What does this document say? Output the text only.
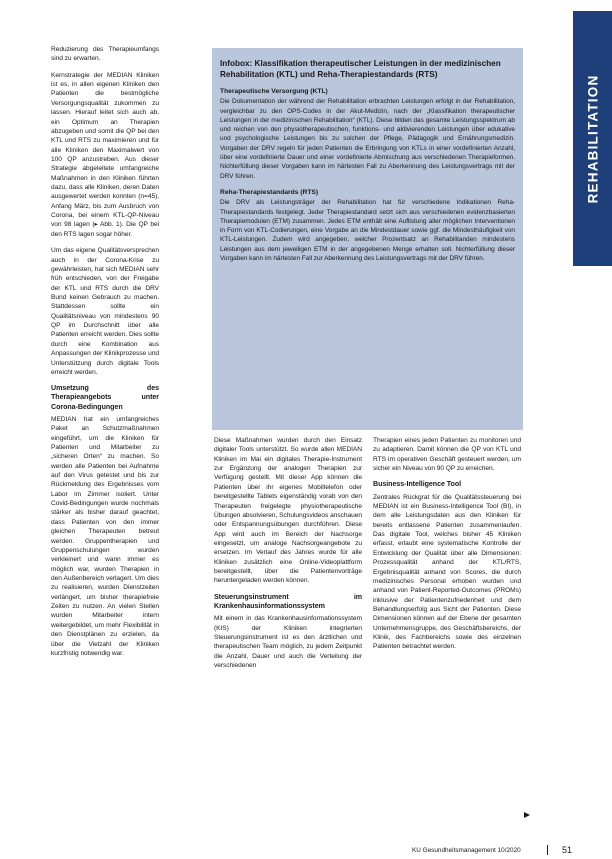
REHABILITATION

Reduzierung des Therapieumfangs sind zu erwarten.

Kernstrategie der MEDIAN Kliniken ist es, in allen eigenen Kliniken den Patienten die bestmögliche Versorgungsqualität zukommen zu lassen. Hierauf leitet sich auch ab, ein Optimum an Therapien abzugeben und somit die QP bei den KTL und RTS zu maximieren und für alle Kliniken den Maximalwert von 100 QP anzustreben. Aus dieser Strategie abgeleitete umfangreiche Maßnahmen in den Kliniken führten dazu, dass alle Kliniken, deren Daten ausgewertet werden konnten (n=45), Anfang März, bis zum Ausbruch von Corona, bei einem KTL-QP-Niveau von 98 lagen (▸ Abb. 1). Die QP bei den RTS lagen sogar höher.

Um das eigene Qualitätsversprechen auch in der Corona-Krise zu gewährleisten, hat sich MEDIAN sehr früh entschieden, von der Freigabe der KTL und RTS durch die DRV Bund keinen Gebrauch zu machen. Stattdessen sollte ein Qualitätsniveau von mindestens 90 QP im Durchschnitt über alle Patienten erreicht werden. Dies sollte durch eine Kombination aus Anpassungen der Klinikprozesse und Unterstützung durch digitale Tools erreicht werden.

Umsetzung des Therapieangebots unter Corona-Bedingungen

MEDIAN hat ein umfangreiches Paket an Schutzmaßnahmen eingeführt, um die Kliniken für Patienten und Mitarbeiter zu „sicheren Orten“ zu machen. So werden alle Patienten bei Aufnahme auf den Virus getestet und bis zur Rückmeldung des Ergebnisses vom Labor im Zimmer isoliert. Unter Covid-Bedingungen wurde nochmals stärker als bisher darauf geachtet, dass Patienten von den immer gleichen Therapeuten betreut werden. Gruppentherapien und Gruppenschulungen wurden verkleinert und wann immer es möglich war, wurden Therapien in den Außenbereich verlagert. Um dies zu realisieren, wurden Dienstzeiten verlängert, um bisher therapiefreie Zeiten zu nutzen. An vielen Stellen wurden Mitarbeiter intern weitergebildet, um mehr Flexibilität in den Dienstplänen zu erzielen, da über die Vielzahl der Kliniken kurzfristig notwendig war.

Infobox: Klassifikation therapeutischer Leistungen in der medizinischen Rehabilitation (KTL) und Reha-Therapiestandards (RTS)
Therapeutische Versorgung (KTL)

Die Dokumentation der während der Rehabilitation erbrachten Leistungen erfolgt in der Rehabilitation, vergleichbar zu den OPS-Codes in der Akut-Medizin, nach der „Klassifikation therapeutischer Leistungen in der medizinischen Rehabilitation“ (KTL). Diese bilden das gesamte Leistungsspektrum ab und reichen von den physiotherapeutischen, funktions- und aktivierenden Leistungen über edukative und psychologische Leistungen bis zu solchen der Pflege, Pädagogik und Ernährungsmedizin. Vorgaben der DRV regeln für jeden Patienten die Erbringung von KTLs in einer vordefinierten Anzahl, über eine vordefinierte Dauer und einer vordefinierte Abmischung aus verschiedenen Therapieformen. Nichterfüllung dieser Vorgaben kann im härtesten Fall zu Aberkennung des Leistungsvertrags mit der DRV führen.

Reha-Therapiestandards (RTS)

Die DRV als Leistungsträger der Rehabilitation hat für verschiedene Indikationen Reha-Therapiestandards festgelegt. Jeder Therapiestandard setzt sich aus verschiedenen evidenzbasierten Therapiemodulen (ETM) zusammen. Jedes ETM enthält eine Auflistung aller möglichen Interventionen in Form von KTL-Codierungen, eine Vorgabe an die Mindestdauer sowie ggf. die Mindesthäufigkeit von KTL-Leistungen. Zudem wird angegeben, welcher Prozentsatz an Rehabilitanden mindestens Leistungen aus dem jeweiligen ETM in der angegebenen Menge erhalten soll. Nichterfüllung dieser Vorgaben kann im härtesten Fall zur Aberkennung des Leistungsvertrags mit der DRV führen.

Diese Maßnahmen wurden durch den Einsatz digitaler Tools unterstützt. So wurde allen MEDIAN Kliniken im Mai ein digitales Therapie-Instrument zur Ergänzung der analogen Therapien zur Verfügung gestellt. Mit dieser App können die Patienten über ihr eigenes Mobiltelefon oder bereitgestellte Tablets eigenständig vorab von den Therapeuten freigelegte physiotherapeutische Übungen absolvieren, Schulungsvideos anschauen oder Entspannungsübungen durchführen. Diese App wird auch im Bereich der Nachsorge eingesetzt, um analoge Nachsorgeangebote zu ersetzen. Im Verlauf des Jahres wurde für alle Kliniken zusätzlich eine Online-Videoplattform bereitgestellt, über die Patientenvorträge heruntergeladen werden können.

Steuerungsinstrument im Krankenhausinformationssystem

Mit einem in das Krankenhausinformationssystem (KIS) der Kliniken integrierten Steuerungsinstrument ist es den ärztlichen und therapeutischen Team möglich, zu jedem Zeitpunkt die Anzahl, Dauer und auch die Verteilung der verschiedenen

Therapien eines jeden Patienten zu monitoren und zu adaptieren. Damit können die QP von KTL und RTS im operativen Geschäft gesteuert werden, um sicher ein Niveau von 90 QP zu erreichen.

Business-Intelligence Tool

Zentrales Rückgrat für die Qualitätssteuerung bei MEDIAN ist ein Business-Intelligence Tool (BI), in dem alle Leistungsdaten aus den Kliniken für bereits entlassene Patienten zusammenlaufen. Das digitale Tool, welches bisher 45 Kliniken erfasst, erlaubt eine systematische Kontrolle der Entwicklung der Qualität über alle Dimensionen: Prozessqualität anhand der KTL/RTS, Ergebnisqualität anhand von Scores, die durch medizinisches Personal erhoben wurden und anhand von Patient-Reported-Outcomes (PROMs) inklusive der Patientenzufriedenheit und dem Behandlungserfolg aus Sicht der Patienten. Diese Dimensionen können auf der Ebene der gesamten Unternehmensgruppe, des Geschäftsbereichs, der Klinik, des Fachbereichs sowie des einzelnen Patienten betrachtet werden.

KU Gesundheitsmanagement 10/2020	51
